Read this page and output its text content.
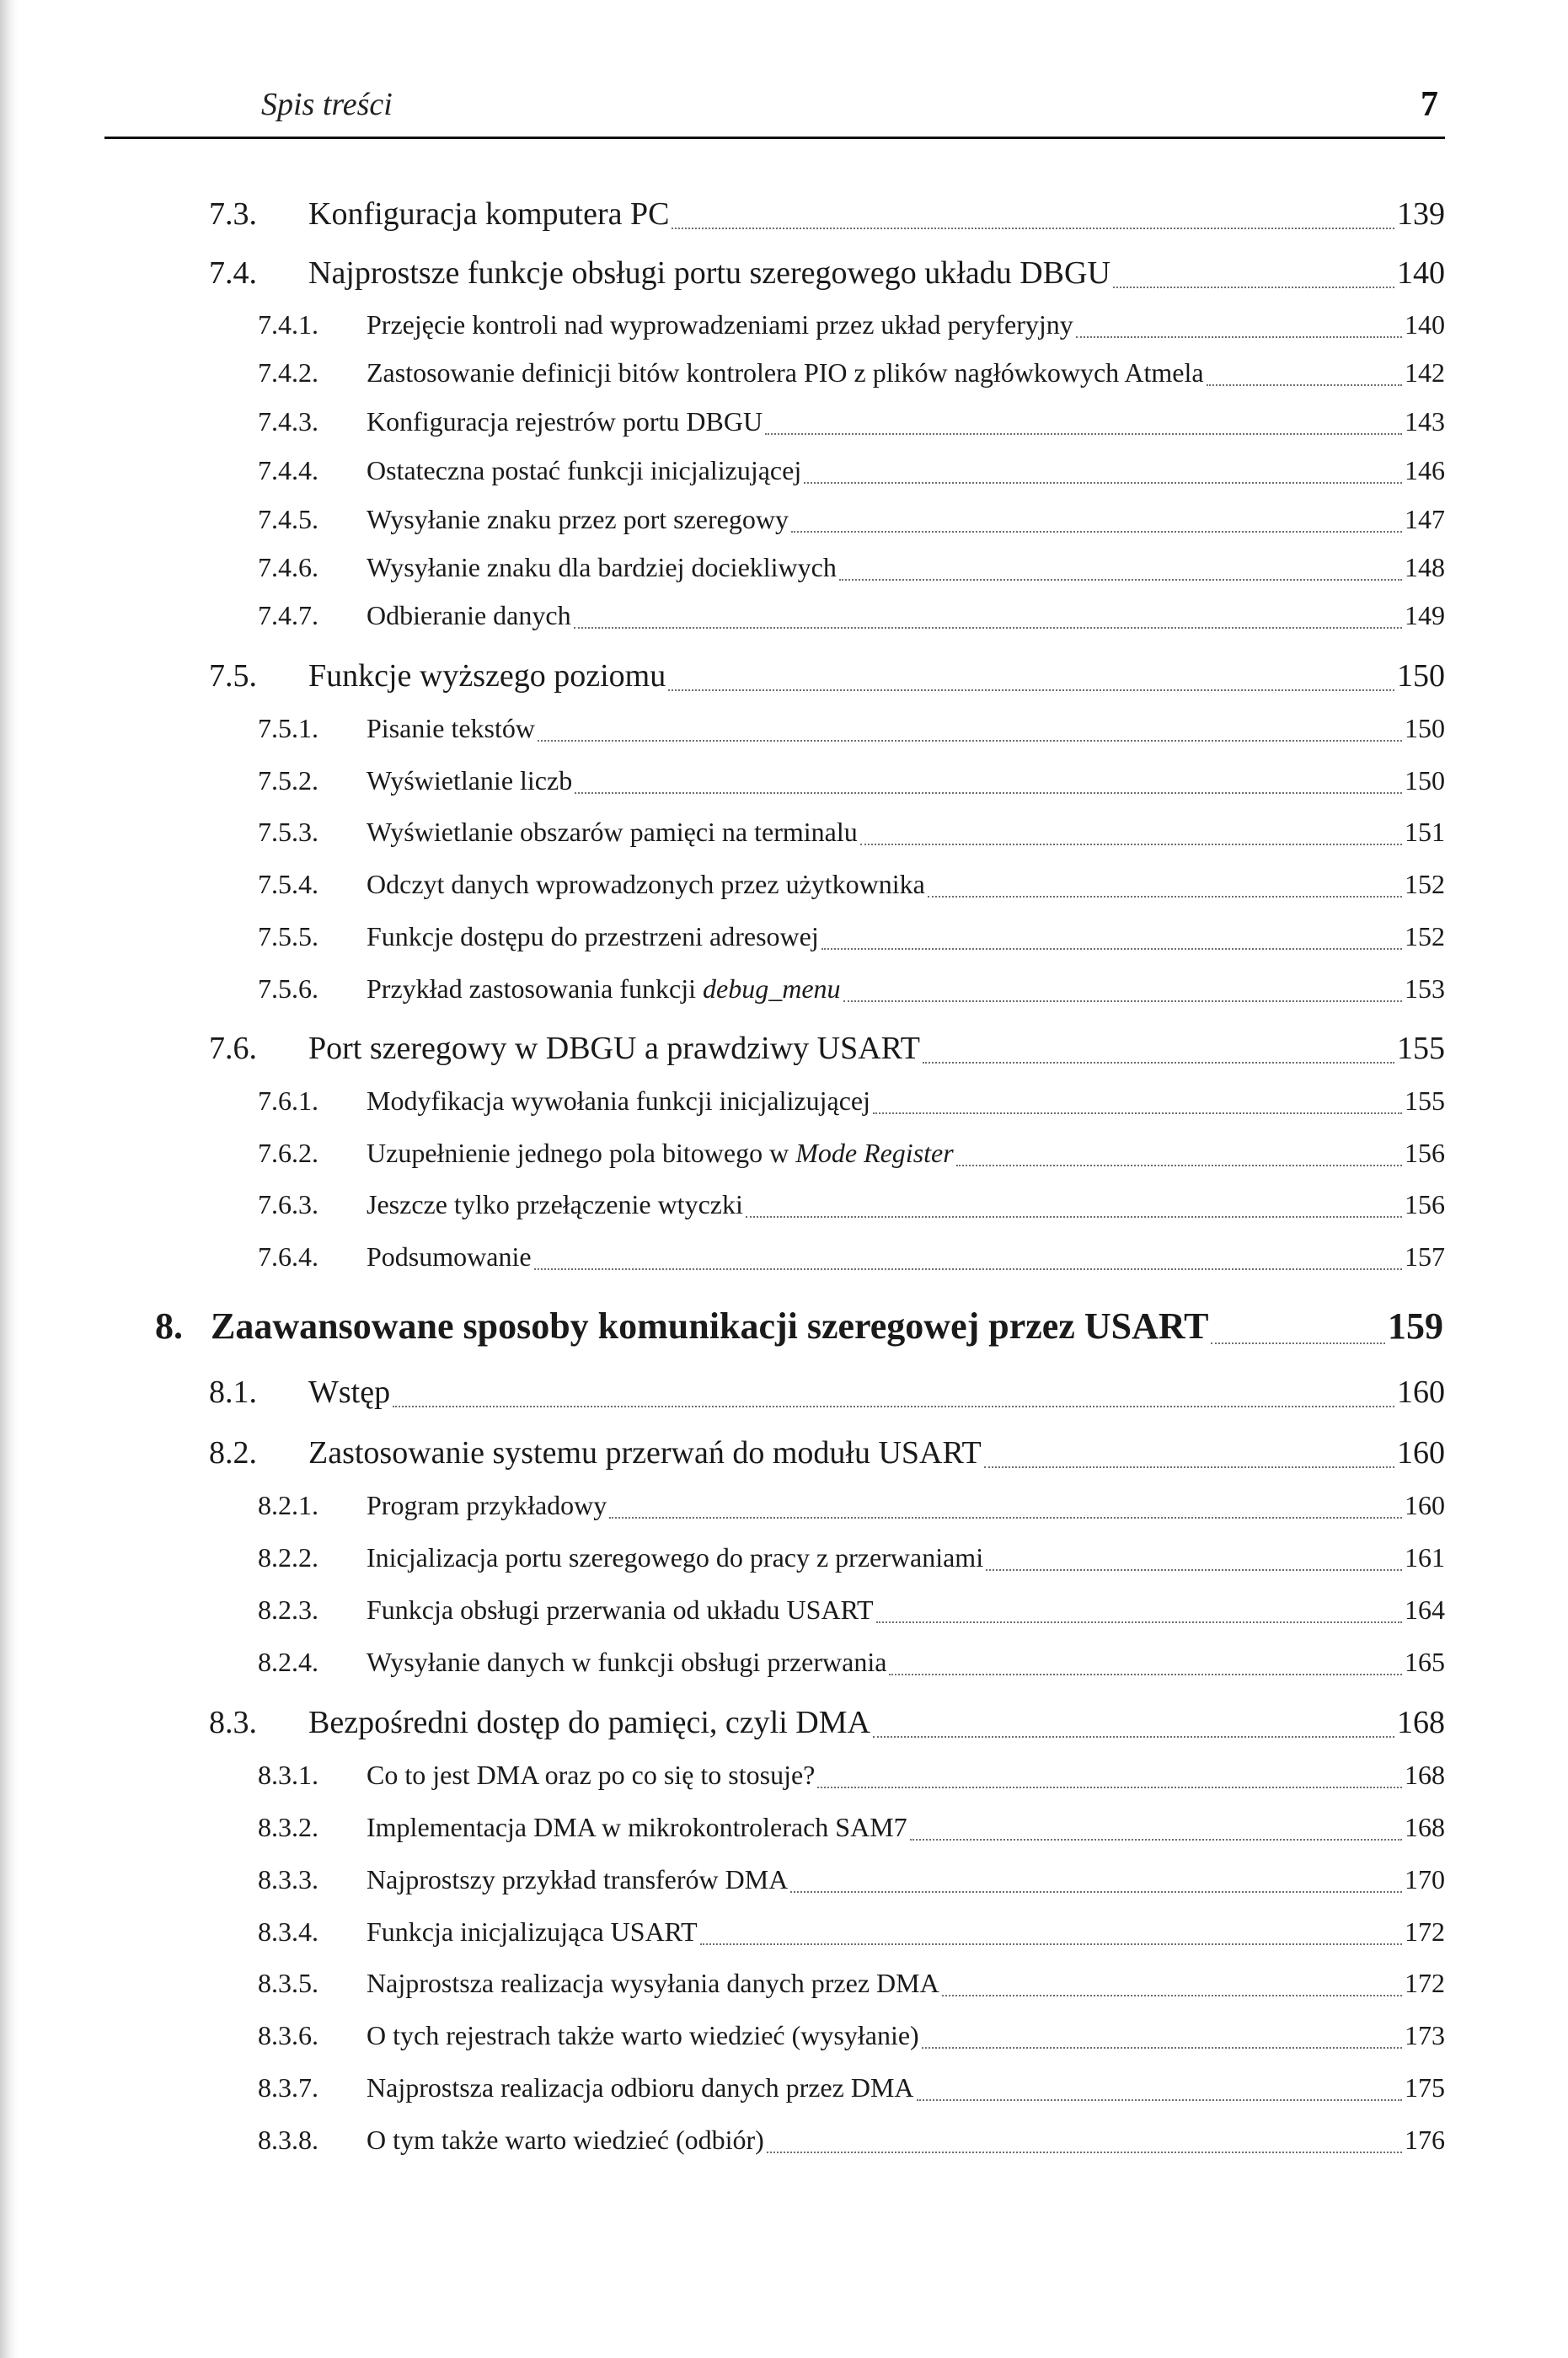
Spis treści	7
7.3.	Konfiguracja komputera PC	139
7.4.	Najprostsze funkcje obsługi portu szeregowego układu DBGU	140
7.4.1.	Przejęcie kontroli nad wyprowadzeniami przez układ peryferyjny	140
7.4.2.	Zastosowanie definicji bitów kontrolera PIO z plików nagłówkowych Atmela	142
7.4.3.	Konfiguracja rejestrów portu DBGU	143
7.4.4.	Ostateczna postać funkcji inicjalizującej	146
7.4.5.	Wysyłanie znaku przez port szeregowy	147
7.4.6.	Wysyłanie znaku dla bardziej dociekliwych	148
7.4.7.	Odbieranie danych	149
7.5.	Funkcje wyższego poziomu	150
7.5.1.	Pisanie tekstów	150
7.5.2.	Wyświetlanie liczb	150
7.5.3.	Wyświetlanie obszarów pamięci na terminalu	151
7.5.4.	Odczyt danych wprowadzonych przez użytkownika	152
7.5.5.	Funkcje dostępu do przestrzeni adresowej	152
7.5.6.	Przykład zastosowania funkcji debug_menu	153
7.6.	Port szeregowy w DBGU a prawdziwy USART	155
7.6.1.	Modyfikacja wywołania funkcji inicjalizującej	155
7.6.2.	Uzupełnienie jednego pola bitowego w Mode Register	156
7.6.3.	Jeszcze tylko przełączenie wtyczki	156
7.6.4.	Podsumowanie	157
8. Zaawansowane sposoby komunikacji szeregowej przez USART	159
8.1.	Wstęp	160
8.2.	Zastosowanie systemu przerwań do modułu USART	160
8.2.1.	Program przykładowy	160
8.2.2.	Inicjalizacja portu szeregowego do pracy z przerwaniami	161
8.2.3.	Funkcja obsługi przerwania od układu USART	164
8.2.4.	Wysyłanie danych w funkcji obsługi przerwania	165
8.3.	Bezpośredni dostęp do pamięci, czyli DMA	168
8.3.1.	Co to jest DMA oraz po co się to stosuje?	168
8.3.2.	Implementacja DMA w mikrokontrolerach SAM7	168
8.3.3.	Najprostszy przykład transferów DMA	170
8.3.4.	Funkcja inicjalizująca USART	172
8.3.5.	Najprostsza realizacja wysyłania danych przez DMA	172
8.3.6.	O tych rejestrach także warto wiedzieć (wysyłanie)	173
8.3.7.	Najprostsza realizacja odbioru danych przez DMA	175
8.3.8.	O tym także warto wiedzieć (odbiór)	176
